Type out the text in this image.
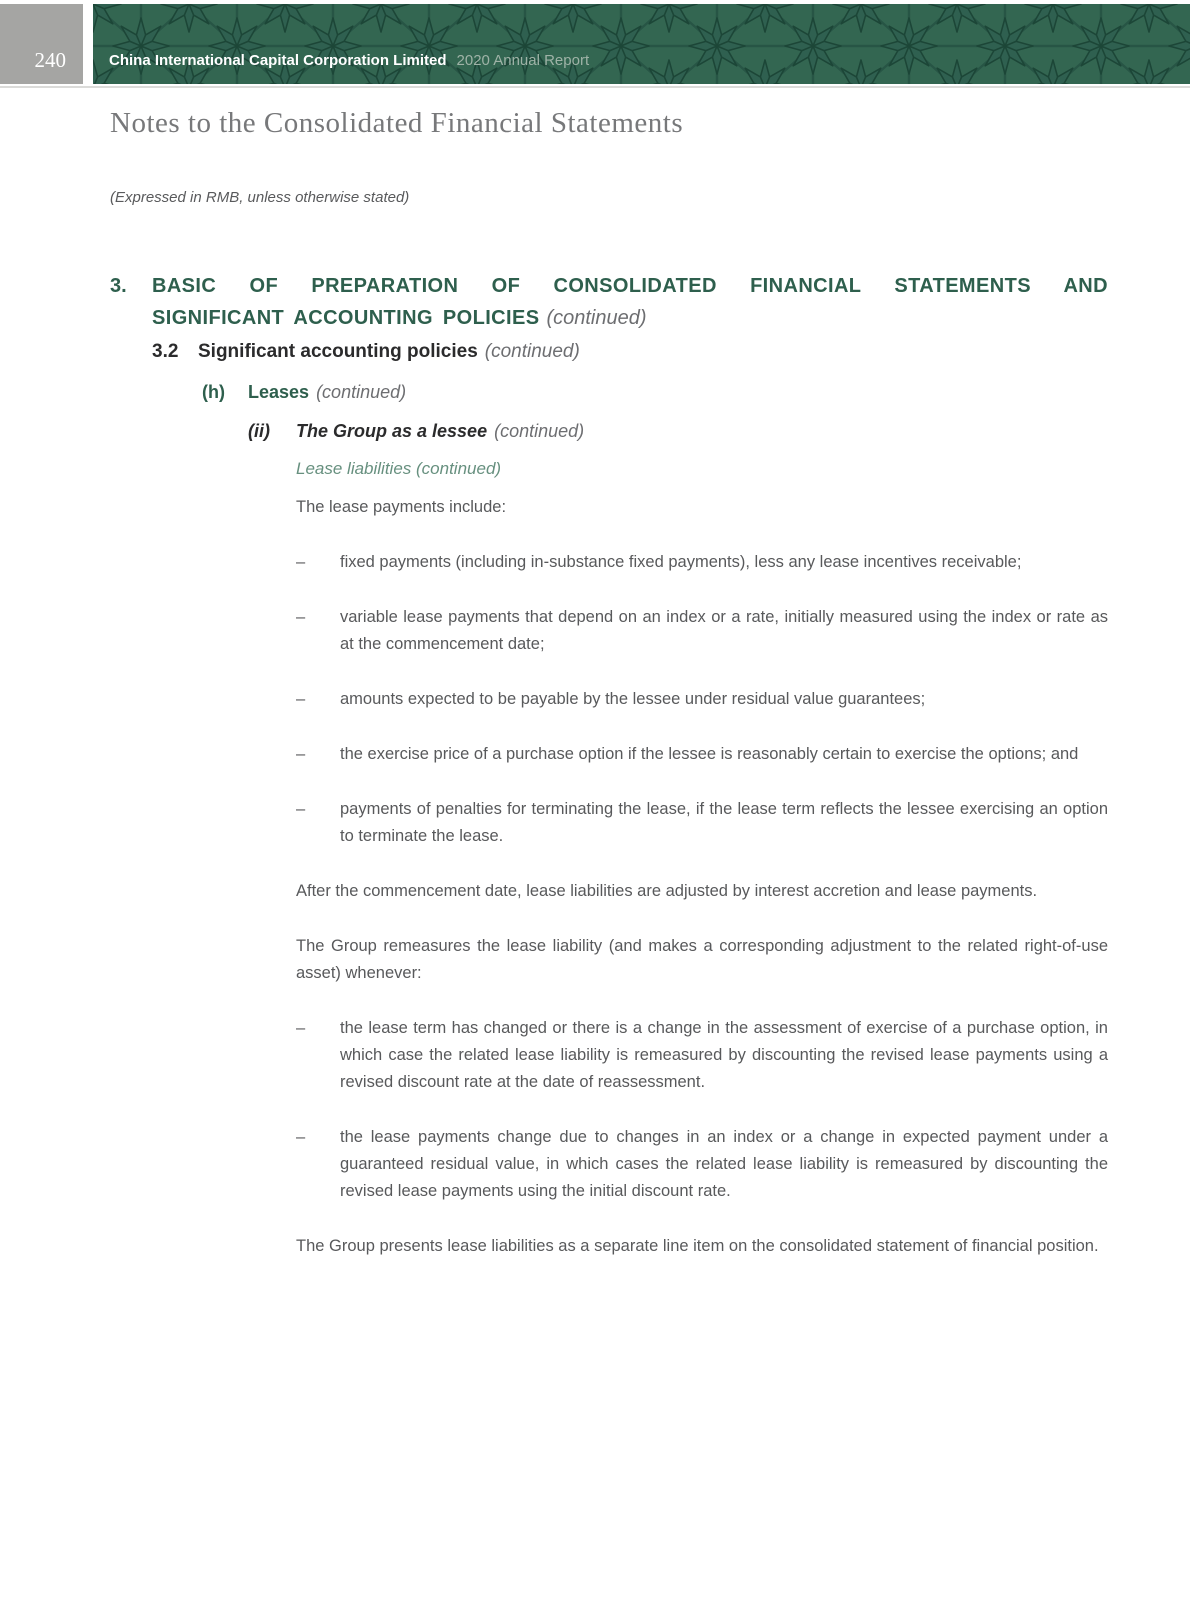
240	China International Capital Corporation Limited 2020 Annual Report
Notes to the Consolidated Financial Statements

(Expressed in RMB, unless otherwise stated)

3.	BASIC OF PREPARATION OF CONSOLIDATED FINANCIAL STATEMENTS AND
SIGNIFICANT ACCOUNTING POLICIES (continued)
3.2	Significant accounting policies (continued)
(h)	Leases (continued)
(ii)	The Group as a lessee (continued)
Lease liabilities (continued)

The lease payments include:

–	fixed payments (including in-substance fixed payments), less any lease incentives receivable;

–	variable lease payments that depend on an index or a rate, initially measured using the index or rate as at the commencement date;

–	amounts expected to be payable by the lessee under residual value guarantees;

–	the exercise price of a purchase option if the lessee is reasonably certain to exercise the options; and

–	payments of penalties for terminating the lease, if the lease term reflects the lessee exercising an option to terminate the lease.

After the commencement date, lease liabilities are adjusted by interest accretion and lease payments.

The Group remeasures the lease liability (and makes a corresponding adjustment to the related right-of-use asset) whenever:

–	the lease term has changed or there is a change in the assessment of exercise of a purchase option, in which case the related lease liability is remeasured by discounting the revised lease payments using a revised discount rate at the date of reassessment.

–	the lease payments change due to changes in an index or a change in expected payment under a guaranteed residual value, in which cases the related lease liability is remeasured by discounting the revised lease payments using the initial discount rate.

The Group presents lease liabilities as a separate line item on the consolidated statement of financial position.
